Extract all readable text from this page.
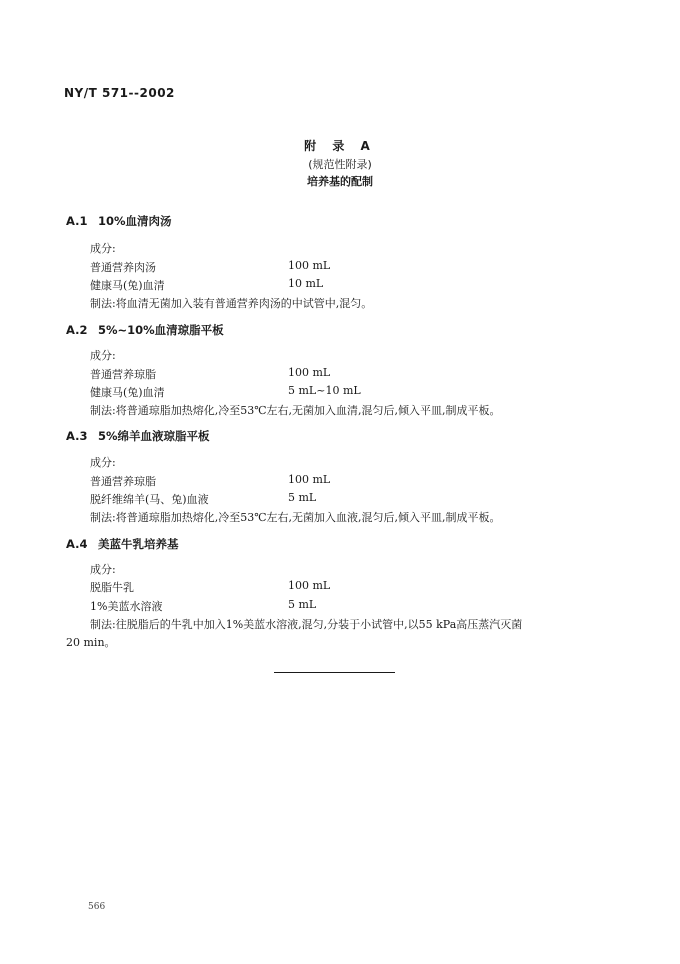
NY/T 571--2002
附 录 A
(规范性附录)
培养基的配制
A.1 10%血清肉汤
成分:
普通营养肉汤	100 mL
健康马(兔)血清	10 mL
制法:将血清无菌加入装有普通营养肉汤的中试管中,混匀。
A.2 5%~10%血清琼脂平板
成分:
普通营养琼脂	100 mL
健康马(兔)血清	5 mL~10 mL
制法:将普通琼脂加热熔化,冷至53℃左右,无菌加入血清,混匀后,倾入平皿,制成平板。
A.3 5%绵羊血液琼脂平板
成分:
普通营养琼脂	100 mL
脱纤维绵羊(马、兔)血液	5 mL
制法:将普通琼脂加热熔化,冷至53℃左右,无菌加入血液,混匀后,倾入平皿,制成平板。
A.4 美蓝牛乳培养基
成分:
脱脂牛乳	100 mL
1%美蓝水溶液	5 mL
制法:往脱脂后的牛乳中加入1%美蓝水溶液,混匀,分装于小试管中,以55 kPa高压蒸汽灭菌
20 min。
566
